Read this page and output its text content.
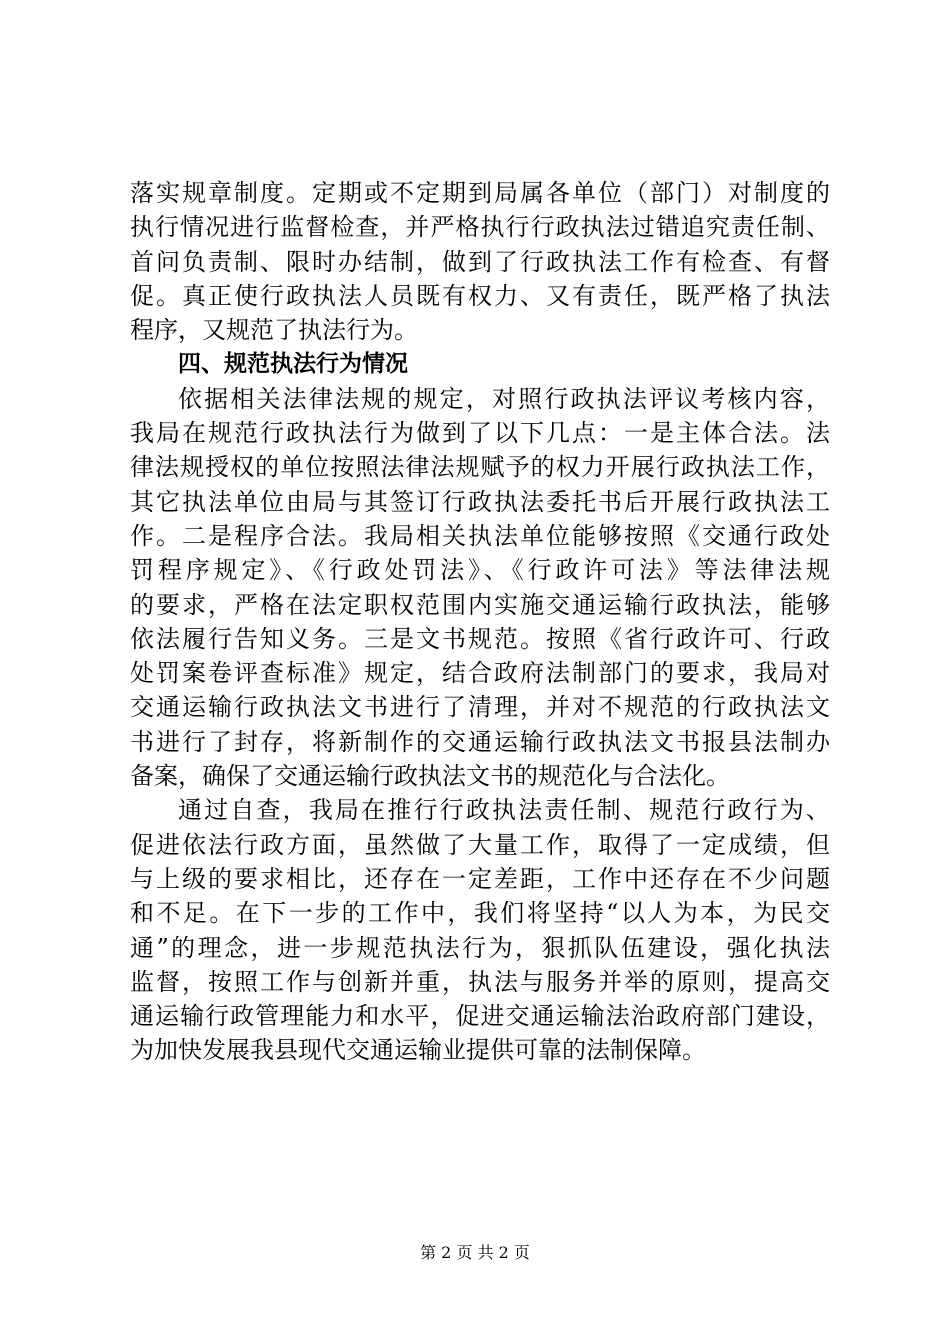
落实规章制度。定期或不定期到局属各单位（部门）对制度的
执行情况进行监督检查，并严格执行行政执法过错追究责任制、
首问负责制、限时办结制，做到了行政执法工作有检查、有督
促。真正使行政执法人员既有权力、又有责任，既严格了执法
程序，又规范了执法行为。
四、规范执法行为情况
依据相关法律法规的规定，对照行政执法评议考核内容，
我局在规范行政执法行为做到了以下几点：一是主体合法。法
律法规授权的单位按照法律法规赋予的权力开展行政执法工作，
其它执法单位由局与其签订行政执法委托书后开展行政执法工
作。二是程序合法。我局相关执法单位能够按照《交通行政处
罚程序规定》、《行政处罚法》、《行政许可法》等法律法规
的要求，严格在法定职权范围内实施交通运输行政执法，能够
依法履行告知义务。三是文书规范。按照《省行政许可、行政
处罚案卷评查标准》规定，结合政府法制部门的要求，我局对
交通运输行政执法文书进行了清理，并对不规范的行政执法文
书进行了封存，将新制作的交通运输行政执法文书报县法制办
备案，确保了交通运输行政执法文书的规范化与合法化。
通过自查，我局在推行行政执法责任制、规范行政行为、
促进依法行政方面，虽然做了大量工作，取得了一定成绩，但
与上级的要求相比，还存在一定差距，工作中还存在不少问题
和不足。在下一步的工作中，我们将坚持“以人为本，为民交
通”的理念，进一步规范执法行为，狠抓队伍建设，强化执法
监督，按照工作与创新并重，执法与服务并举的原则，提高交
通运输行政管理能力和水平，促进交通运输法治政府部门建设，
为加快发展我县现代交通运输业提供可靠的法制保障。
第 2 页 共 2 页
